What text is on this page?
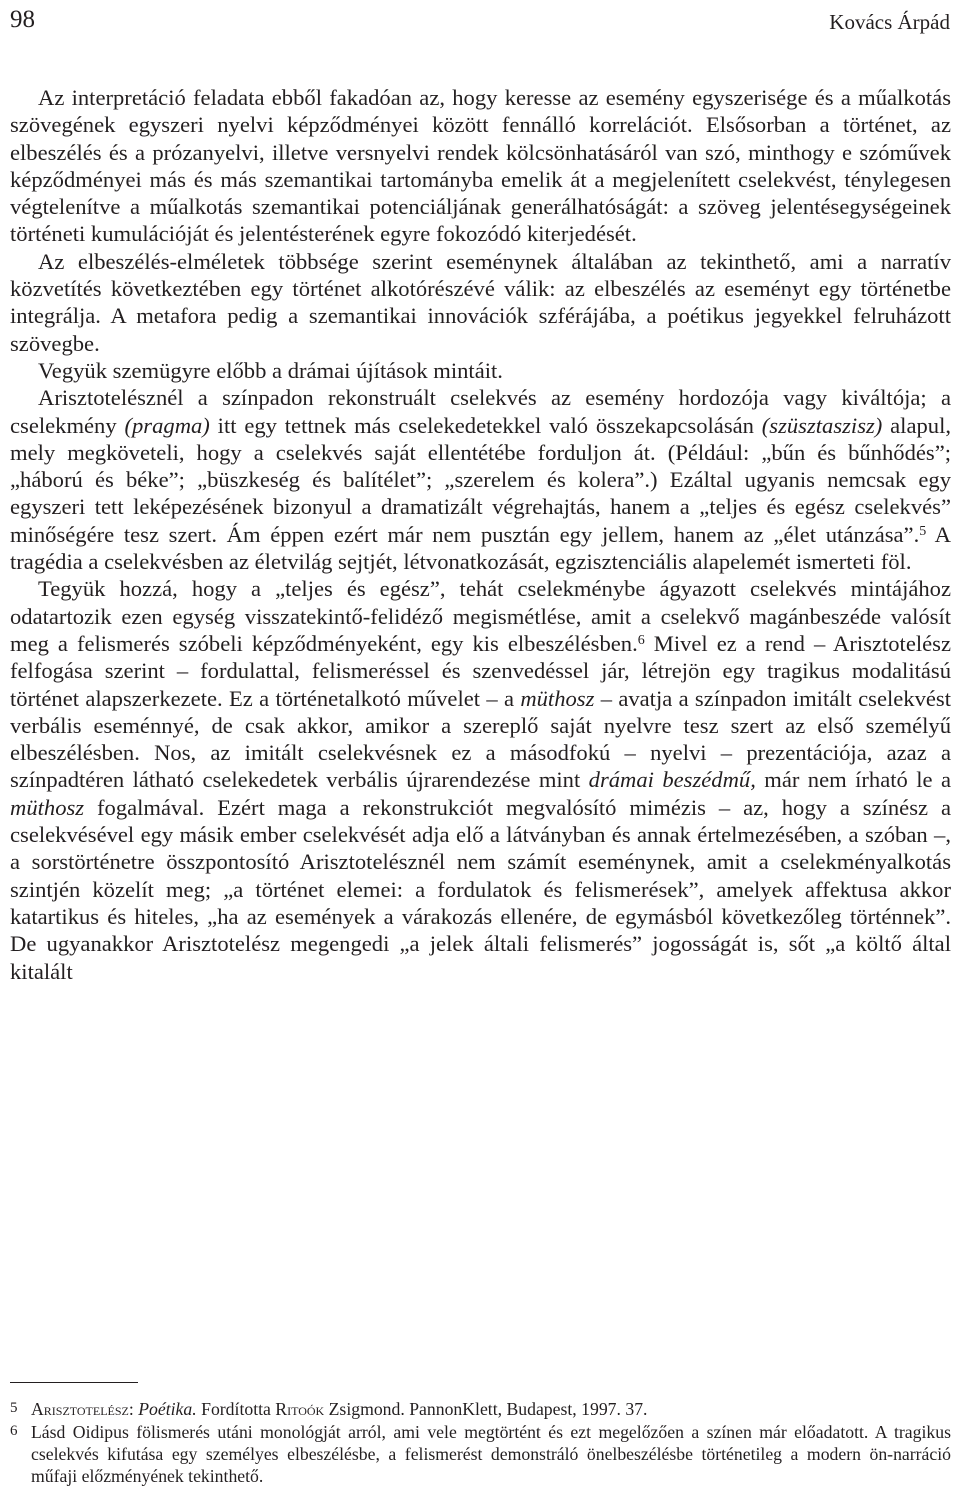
98	Kovács Árpád

Az interpretáció feladata ebből fakadóan az, hogy keresse az esemény egyszerisége és a műalkotás szövegének egyszeri nyelvi képződményei között fennálló korrelációt. Elsősorban a történet, az elbeszélés és a prózanyelvi, illetve versnyelvi rendek kölcsönhatásáról van szó, minthogy e szóművek képződményei más és más szemantikai tartományba emelik át a megjelenített cselekvést, ténylegesen végtelenítve a műalkotás szemantikai potenciáljának generálhatóságát: a szöveg jelentésegységeinek történeti kumulációját és jelentésterének egyre fokozódó kiterjedését.

Az elbeszélés-elméletek többsége szerint eseménynek általában az tekinthető, ami a narratív közvetítés következtében egy történet alkotórészévé válik: az elbeszélés az eseményt egy történetbe integrálja. A metafora pedig a szemantikai innovációk szférájába, a poétikus jegyekkel felruházott szövegbe.

Vegyük szemügyre előbb a drámai újítások mintáit.

Arisztotelésznél a színpadon rekonstruált cselekvés az esemény hordozója vagy kiváltója; a cselekmény (pragma) itt egy tettnek más cselekedetekkel való összekapcsolásán (szüsztaszisz) alapul, mely megköveteli, hogy a cselekvés saját ellentétébe forduljon át. (Például: „bűn és bűnhődés”; „háború és béke”; „büszkeség és balítélet”; „szerelem és kolera”.) Ezáltal ugyanis nemcsak egy egyszeri tett leképezésének bizonyul a dramatizált végrehajtás, hanem a „teljes és egész cselekvés” minőségére tesz szert. Ám éppen ezért már nem pusztán egy jellem, hanem az „élet utánzása”.$^5$ A tragédia a cselekvésben az életvilág sejtjét, létvonatkozását, egzisztenciális alapelemét ismerteti föl.

Tegyük hozzá, hogy a „teljes és egész”, tehát cselekménybe ágyazott cselekvés mintájához odatartozik ezen egység visszatekintő-felidéző megismétlése, amit a cselekvő magánbeszéde valósít meg a felismerés szóbeli képződményeként, egy kis elbeszélésben.$^6$ Mivel ez a rend – Arisztotelész felfogása szerint – fordulattal, felismeréssel és szenvedéssel jár, létrejön egy tragikus modalitású történet alapszerkezete. Ez a történetalkotó művelet – a müthosz – avatja a színpadon imitált cselekvést verbális eseménnyé, de csak akkor, amikor a szereplő saját nyelvre tesz szert az első személyű elbeszélésben. Nos, az imitált cselekvésnek ez a másodfokú – nyelvi – prezentációja, azaz a színpadtéren látható cselekedetek verbális újrarendezése mint drámai beszédmű, már nem írható le a müthosz fogalmával. Ezért maga a rekonstrukciót megvalósító mimézis – az, hogy a színész a cselekvésével egy másik ember cselekvését adja elő a látványban és annak értelmezésében, a szóban –, a sorstörténetre összpontosító Arisztotelésznél nem számít eseménynek, amit a cselekményalkotás szintjén közelít meg; „a történet elemei: a fordulatok és felismerések”, amelyek affektusa akkor katartikus és hiteles, „ha az események a várakozás ellenére, de egymásból következőleg történnek”. De ugyanakkor Arisztotelész megengedi „a jelek általi felismerés” jogosságát is, sőt „a költő által kitalált

5 Arisztotelész: Poétika. Fordította Ritoók Zsigmond. PannonKlett, Budapest, 1997. 37.

6 Lásd Oidipus fölismerés utáni monológját arról, ami vele megtörtént és ezt megelőzően a színen már előadatott. A tragikus cselekvés kifutása egy személyes elbeszélésbe, a felismerést demonstráló önelbeszélésbe történetileg a modern ön-narráció műfaji előzményének tekinthető.
